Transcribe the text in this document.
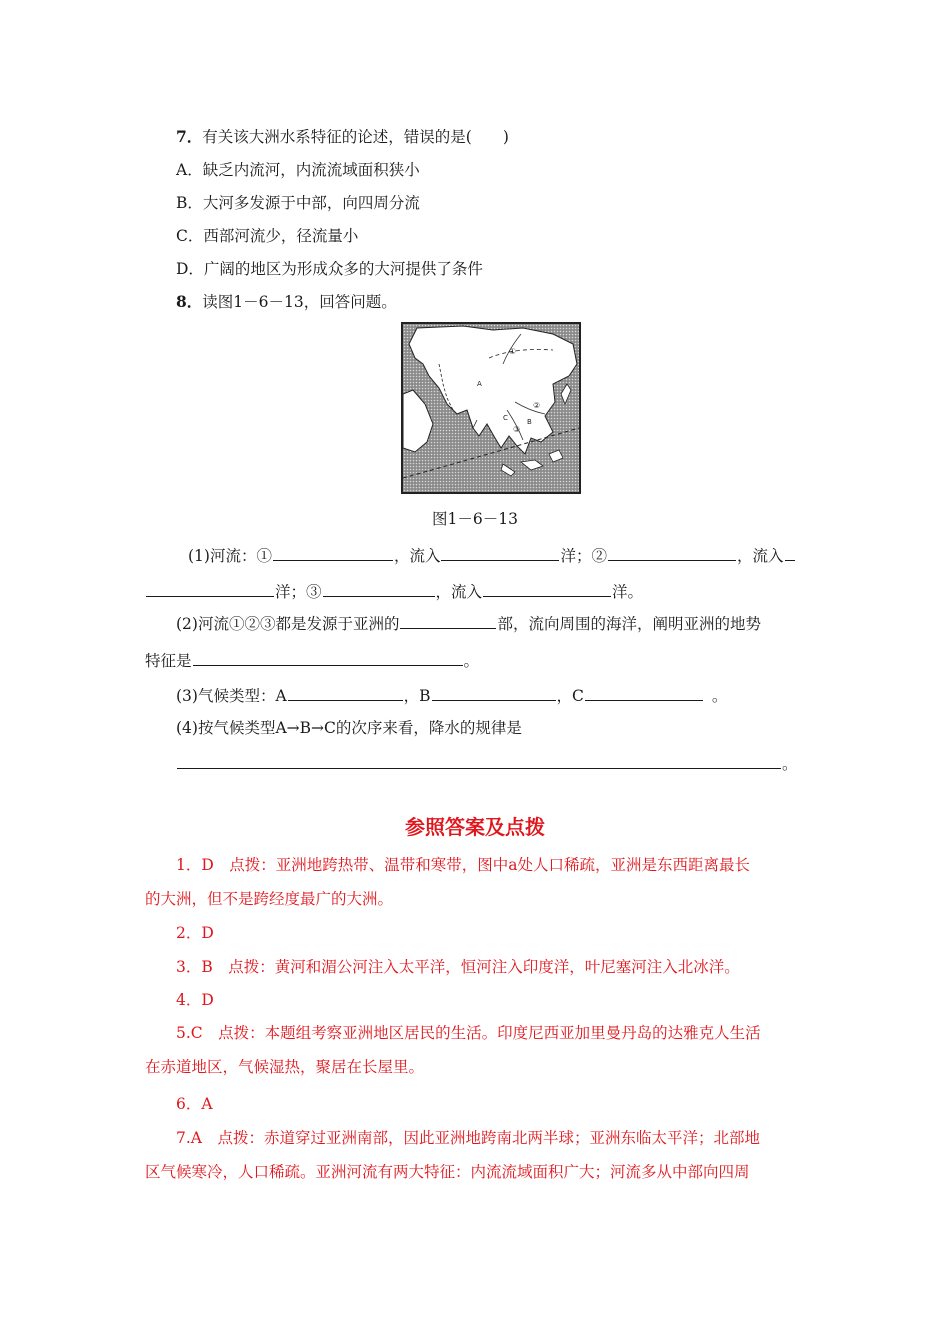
7．有关该大洲水系特征的论述，错误的是(　　)
A．缺乏内流河，内流流域面积狭小
B．大河多发源于中部，向四周分流
C．西部河流少，径流量小
D．广阔的地区为形成众多的大河提供了条件
8．读图1－6－13，回答问题。
①
②
③
A
B
C
图1－6－13
(1)河流：①	，流入	洋；②	，流入
洋；③	，流入	洋。
(2)河流①②③都是发源于亚洲的	部，流向周围的海洋，阐明亚洲的地势
特征是	。
(3)气候类型：A	，B	，C	。
(4)按气候类型A→B→C的次序来看，降水的规律是
。
参照答案及点拨
1．D　点拨：亚洲地跨热带、温带和寒带，图中a处人口稀疏，亚洲是东西距离最长
的大洲，但不是跨经度最广的大洲。
2．D
3．B　点拨：黄河和湄公河注入太平洋，恒河注入印度洋，叶尼塞河注入北冰洋。
4．D
5.C　点拨：本题组考察亚洲地区居民的生活。印度尼西亚加里曼丹岛的达雅克人生活
在赤道地区，气候湿热，聚居在长屋里。
6．A
7.A　点拨：赤道穿过亚洲南部，因此亚洲地跨南北两半球；亚洲东临太平洋；北部地
区气候寒冷，人口稀疏。亚洲河流有两大特征：内流流域面积广大；河流多从中部向四周
